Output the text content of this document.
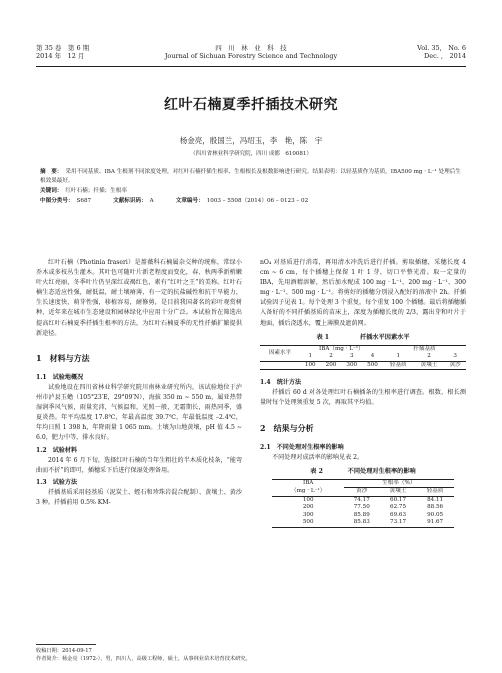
第 35 卷　第 6 期
2014 年　12 月
四　川　林　业　科　技
Journal of Sichuan Forestry Science and Technology
Vol. 35,　No. 6
Dec. ,　2014
红叶石楠夏季扦插技术研究
杨金亮，殷国兰，冯绍玉，李　艳，陈　宇
（四川省林业科学研究院，四川 成都　610081）

摘　要： 采用不同基质、IBA 生根剂不同浓度处理，对红叶石楠扦插生根率、生根根长及根数影响进行研究。结果表明：以轻基质作为基质，IBA500 mg · L⁻¹ 处理后生根效果最好。

关键词： 红叶石楠；扦插；生根率

中图分类号： S687	文献标识码： A	文章编号： 1003 – 5508（2014）06 – 0123 – 02

红叶石楠（Photinia fraseri）是蔷薇科石楠属杂交种的统称，常绿小乔木或多枝丛生灌木。其叶色可随叶片新老程度而变化，春、秋两季新梢嫩叶火红亮丽，冬季叶片仍呈深红或褐红色，素有“红叶之王”的美称。红叶石楠生态适应性强，耐低温，耐土壤瘠薄，有一定的抗盐碱性和抗干旱能力，生长速度快，萌芽性强，移植容易，耐修剪，是目前我国著名的彩叶观赏树种，近年来在城市生态建设和园林绿化中应用十分广泛。本试验旨在筛选出提高红叶石楠夏季扦插生根率的方法，为红叶石楠夏季的无性扦插扩繁提供新途径。

1　材料与方法

1.1　试验地概况

试验地设在四川省林业科学研究院川南林业研究所内，该试验地位于泸州市泸县玉蟾（105°23′E，29°09′N），海拔 350 m ~ 550 m，属亚热带湿润季风气候，雨量充沛，气候温和，光照一般，无霜期长，雨热同季，盛夏炎热。年平均温度 17.8℃，年最高温度 39.7℃，年最低温度 –2.4℃，年均日照 1 398 h，年降雨量 1 065 mm。土壤为山地黄壤，pH 值 4.5 ~ 6.0，肥力中等，排水良好。

1.2　试验材料

2014 年 6 月下旬，选择红叶石楠的当年生粗壮的半木质化枝条，“能弯曲而不折”的即可，插穗采下后进行保湿处理备用。

1.3　试验方法

扦插基质采用轻基质（泥炭土、蛭石和珍珠岩混合配制）、黄壤土、黄沙 3 种。扦插前用 0.5% KM-

nO₄ 对基质进行消毒，再用清水冲洗后进行扦插。剪取插穗，采穗长度 4 cm ~ 6 cm，每个插穗上保留 1 叶 1 芽，切口平整光滑。取一定量的 IBA，先用酒精溶解，然后加水配成 100 mg · L⁻¹、200 mg · L⁻¹、300 mg · L⁻¹、500 mg · L⁻¹。将剪好的插穗分别浸入配好的溶液中 2h。扦插试验因子见表 1。每个处理 3 个重复，每个重复 100 个插穗。最后将插穗插入备好的不同扦插基质的苗床上，深度为插穗长度的 2/3，露出芽和叶片于地面，插后浇透水，覆上薄膜及遮荫网。

表 1　　　　　扦插水平因素水平
因素水平	IBA（mg · L⁻¹）				扦插基质		
	1	2	3	4	1	2	3
	100	200	300	500	轻基质	黄壤土	黄沙

1.4　统计方法

扦插后 60 d 对各处理红叶石楠插条的生根率进行调查。根数、根长测量时每个处理须重复 5 次，再取其平均值。

2　结果与分析

2.1　不同处理对生根率的影响

不同处理对成活率的影响见表 2。

表 2　　　　不同处理对生根率的影响
IBA	生根率（%）		
（mg · L⁻¹）	黄沙	黄壤土	轻基质
100	74.17	60.17	84.11
200	77.50	62.75	88.56
300	85.89	69.63	90.05
500	85.83	73.17	91.67
收稿日期：2014-09-17
作者简介：杨金亮（1972-），男，四川人，高级工程师，硕士，从事林业苗木培育技术研究。
